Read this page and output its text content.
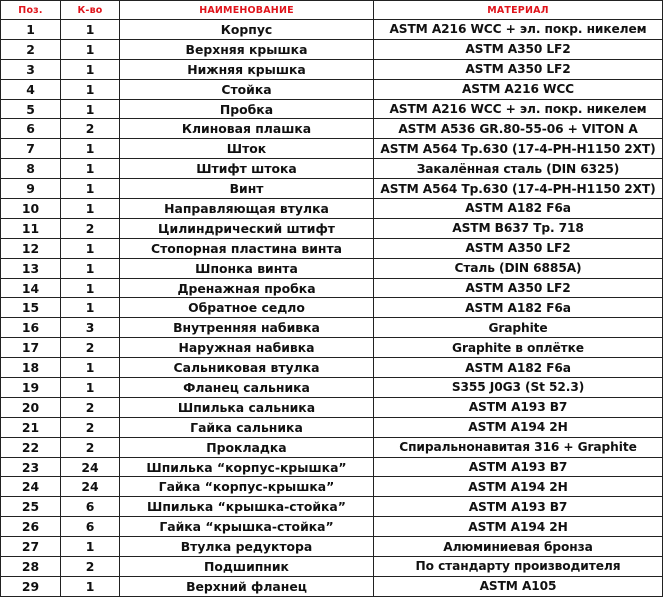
Поз.	К-во	НАИМЕНОВАНИЕ	МАТЕРИАЛ
1	1	Корпус	ASTM A216 WCC + эл. покр. никелем
2	1	Верхняя крышка	ASTM A350 LF2
3	1	Нижняя крышка	ASTM A350 LF2
4	1	Стойка	ASTM A216 WCC
5	1	Пробка	ASTM A216 WCC + эл. покр. никелем
6	2	Клиновая плашка	ASTM A536 GR.80-55-06 + VITON A
7	1	Шток	ASTM A564 Tp.630 (17-4-PH-H1150 2XT)
8	1	Штифт штока	Закалённая сталь (DIN 6325)
9	1	Винт	ASTM A564 Tp.630 (17-4-PH-H1150 2XT)
10	1	Направляющая втулка	ASTM A182 F6a
11	2	Цилиндрический штифт	ASTM B637 Tp. 718
12	1	Стопорная пластина винта	ASTM A350 LF2
13	1	Шпонка винта	Сталь (DIN 6885A)
14	1	Дренажная пробка	ASTM A350 LF2
15	1	Обратное седло	ASTM A182 F6a
16	3	Внутренняя набивка	Graphite
17	2	Наружная набивка	Graphite в оплётке
18	1	Сальниковая втулка	ASTM A182 F6a
19	1	Фланец сальника	S355 J0G3 (St 52.3)
20	2	Шпилька сальника	ASTM A193 B7
21	2	Гайка сальника	ASTM A194 2H
22	2	Прокладка	Спиральнонавитая 316 + Graphite
23	24	Шпилька “корпус-крышка”	ASTM A193 B7
24	24	Гайка “корпус-крышка”	ASTM A194 2H
25	6	Шпилька “крышка-стойка”	ASTM A193 B7
26	6	Гайка “крышка-стойка”	ASTM A194 2H
27	1	Втулка редуктора	Алюминиевая бронза
28	2	Подшипник	По стандарту производителя
29	1	Верхний фланец	ASTM A105
